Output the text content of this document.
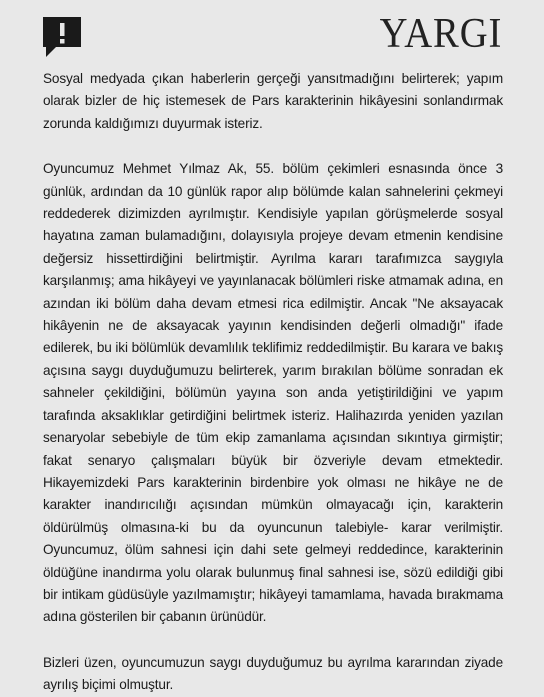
YARGI

Sosyal medyada çıkan haberlerin gerçeği yansıtmadığını belirterek; yapım olarak bizler de hiç istemesek de Pars karakterinin hikâyesini sonlandırmak zorunda kaldığımızı duyurmak isteriz.

Oyuncumuz Mehmet Yılmaz Ak, 55. bölüm çekimleri esnasında önce 3 günlük, ardından da 10 günlük rapor alıp bölümde kalan sahnelerini çekmeyi reddederek dizimizden ayrılmıştır. Kendisiyle yapılan görüşmelerde sosyal hayatına zaman bulamadığını, dolayısıyla projeye devam etmenin kendisine değersiz hissettirdiğini belirtmiştir. Ayrılma kararı tarafımızca saygıyla karşılanmış; ama hikâyeyi ve yayınlanacak bölümleri riske atmamak adına, en azından iki bölüm daha devam etmesi rica edilmiştir. Ancak "Ne aksayacak hikâyenin ne de aksayacak yayının kendisinden değerli olmadığı" ifade edilerek, bu iki bölümlük devamlılık teklifimiz reddedilmiştir. Bu karara ve bakış açısına saygı duyduğumuzu belirterek, yarım bırakılan bölüme sonradan ek sahneler çekildiğini, bölümün yayına son anda yetiştirildiğini ve yapım tarafında aksaklıklar getirdiğini belirtmek isteriz. Halihazırda yeniden yazılan senaryolar sebebiyle de tüm ekip zamanlama açısından sıkıntıya girmiştir; fakat senaryo çalışmaları büyük bir özveriyle devam etmektedir. Hikayemizdeki Pars karakterinin birdenbire yok olması ne hikâye ne de karakter inandırıcılığı açısından mümkün olmayacağı için, karakterin öldürülmüş olmasına-ki bu da oyuncunun talebiyle- karar verilmiştir. Oyuncumuz, ölüm sahnesi için dahi sete gelmeyi reddedince, karakterinin öldüğüne inandırma yolu olarak bulunmuş final sahnesi ise, sözü edildiği gibi bir intikam güdüsüyle yazılmamıştır; hikâyeyi tamamlama, havada bırakmama adına gösterilen bir çabanın ürünüdür.

Bizleri üzen, oyuncumuzun saygı duyduğumuz bu ayrılma kararından ziyade ayrılış biçimi olmuştur.
